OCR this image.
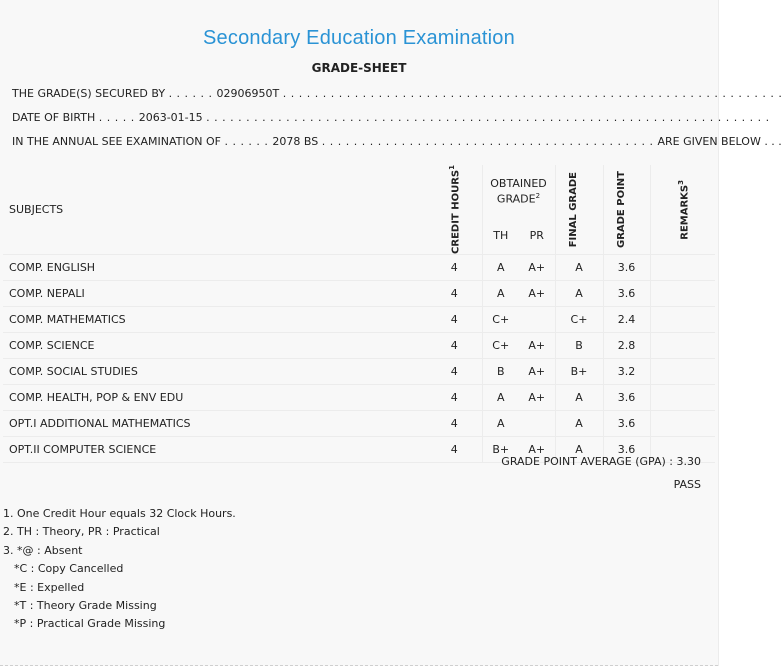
Secondary Education Examination
GRADE-SHEET
THE GRADE(S) SECURED BY . . . . . . 02906950T . . . . . . . . . . . . . . . . . . . . . . . . . . . . . . . . . . . . . . . . . . . . . . . . . . . . . . . . . . . . . . .
DATE OF BIRTH . . . . . 2063-01-15 . . . . . . . . . . . . . . . . . . . . . . . . . . . . . . . . . . . . . . . . . . . . . . . . . . . . . . . . . . . . . . . . . . . . . . .
IN THE ANNUAL SEE EXAMINATION OF . . . . . . 2078 BS . . . . . . . . . . . . . . . . . . . . . . . . . . . . . . . . . . . . . . . . . . ARE GIVEN BELOW . . .
SUBJECTS	CREDIT HOURS$^1$	OBTAINED GRADE$^2$		FINAL GRADE	GRADE POINT	REMARKS$^3$

		TH	PR			
COMP. ENGLISH	4	A	A+	A	3.6	
COMP. NEPALI	4	A	A+	A	3.6	
COMP. MATHEMATICS	4	C+		C+	2.4	
COMP. SCIENCE	4	C+	A+	B	2.8	
COMP. SOCIAL STUDIES	4	B	A+	B+	3.2	
COMP. HEALTH, POP & ENV EDU	4	A	A+	A	3.6	
OPT.I ADDITIONAL MATHEMATICS	4	A		A	3.6	
OPT.II COMPUTER SCIENCE	4	B+	A+	A	3.6	
GRADE POINT AVERAGE (GPA) : 3.30
PASS
1. One Credit Hour equals 32 Clock Hours.
2. TH : Theory, PR : Practical
3. *@ : Absent
*C : Copy Cancelled
*E : Expelled
*T : Theory Grade Missing
*P : Practical Grade Missing
